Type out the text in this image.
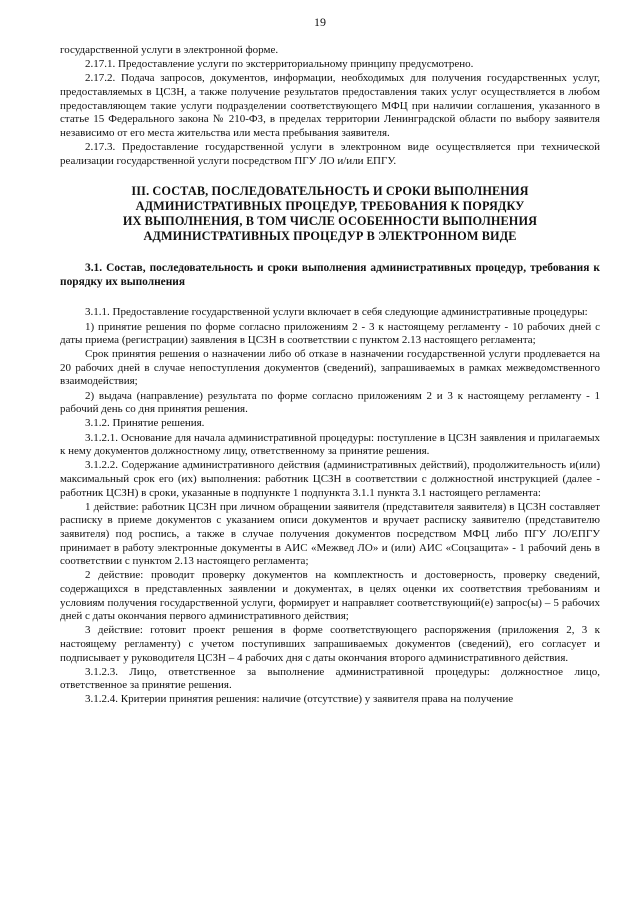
19

государственной услуги в электронной форме.

2.17.1. Предоставление услуги по экстерриториальному принципу предусмотрено.

2.17.2. Подача запросов, документов, информации, необходимых для получения государственных услуг, предоставляемых в ЦСЗН, а также получение результатов предоставления таких услуг осуществляется в любом предоставляющем такие услуги подразделении соответствующего МФЦ при наличии соглашения, указанного в статье 15 Федерального закона № 210-ФЗ, в пределах территории Ленинградской области по выбору заявителя независимо от его места жительства или места пребывания заявителя.

2.17.3. Предоставление государственной услуги в электронном виде осуществляется при технической реализации государственной услуги посредством ПГУ ЛО и/или ЕПГУ.

III. СОСТАВ, ПОСЛЕДОВАТЕЛЬНОСТЬ И СРОКИ ВЫПОЛНЕНИЯ
АДМИНИСТРАТИВНЫХ ПРОЦЕДУР, ТРЕБОВАНИЯ К ПОРЯДКУ
ИХ ВЫПОЛНЕНИЯ, В ТОМ ЧИСЛЕ ОСОБЕННОСТИ ВЫПОЛНЕНИЯ
АДМИНИСТРАТИВНЫХ ПРОЦЕДУР В ЭЛЕКТРОННОМ ВИДЕ

3.1. Состав, последовательность и сроки выполнения административных процедур, требования к порядку их выполнения

3.1.1. Предоставление государственной услуги включает в себя следующие административные процедуры:

1) принятие решения по форме согласно приложениям 2 - 3 к настоящему регламенту - 10 рабочих дней с даты приема (регистрации) заявления в ЦСЗН в соответствии с пунктом 2.13 настоящего регламента;

Срок принятия решения о назначении либо об отказе в назначении государственной услуги продлевается на 20 рабочих дней в случае непоступления документов (сведений), запрашиваемых в рамках межведомственного взаимодействия;

2) выдача (направление) результата по форме согласно приложениям 2 и 3 к настоящему регламенту - 1 рабочий день со дня принятия решения.

3.1.2. Принятие решения.

3.1.2.1. Основание для начала административной процедуры: поступление в ЦСЗН заявления и прилагаемых к нему документов должностному лицу, ответственному за принятие решения.

3.1.2.2. Содержание административного действия (административных действий), продолжительность и(или) максимальный срок его (их) выполнения: работник ЦСЗН в соответствии с должностной инструкцией (далее - работник ЦСЗН) в сроки, указанные в подпункте 1 подпункта 3.1.1 пункта 3.1 настоящего регламента:

1 действие: работник ЦСЗН при личном обращении заявителя (представителя заявителя) в ЦСЗН составляет расписку в приеме документов с указанием описи документов и вручает расписку заявителю (представителю заявителя) под роспись, а также в случае получения документов посредством МФЦ либо ПГУ ЛО/ЕПГУ принимает в работу электронные документы в АИС «Межвед ЛО» и (или) АИС «Соцзащита» - 1 рабочий день в соответствии с пунктом 2.13 настоящего регламента;

2 действие: проводит проверку документов на комплектность и достоверность, проверку сведений, содержащихся в представленных заявлении и документах, в целях оценки их соответствия требованиям и условиям получения государственной услуги, формирует и направляет соответствующий(е) запрос(ы) – 5 рабочих дней с даты окончания первого административного действия;

3 действие: готовит проект решения в форме соответствующего распоряжения (приложения 2, 3 к настоящему регламенту) с учетом поступивших запрашиваемых документов (сведений), его согласует и подписывает у руководителя ЦСЗН – 4 рабочих дня с даты окончания второго административного действия.

3.1.2.3. Лицо, ответственное за выполнение административной процедуры: должностное лицо, ответственное за принятие решения.

3.1.2.4. Критерии принятия решения: наличие (отсутствие) у заявителя права на получение
